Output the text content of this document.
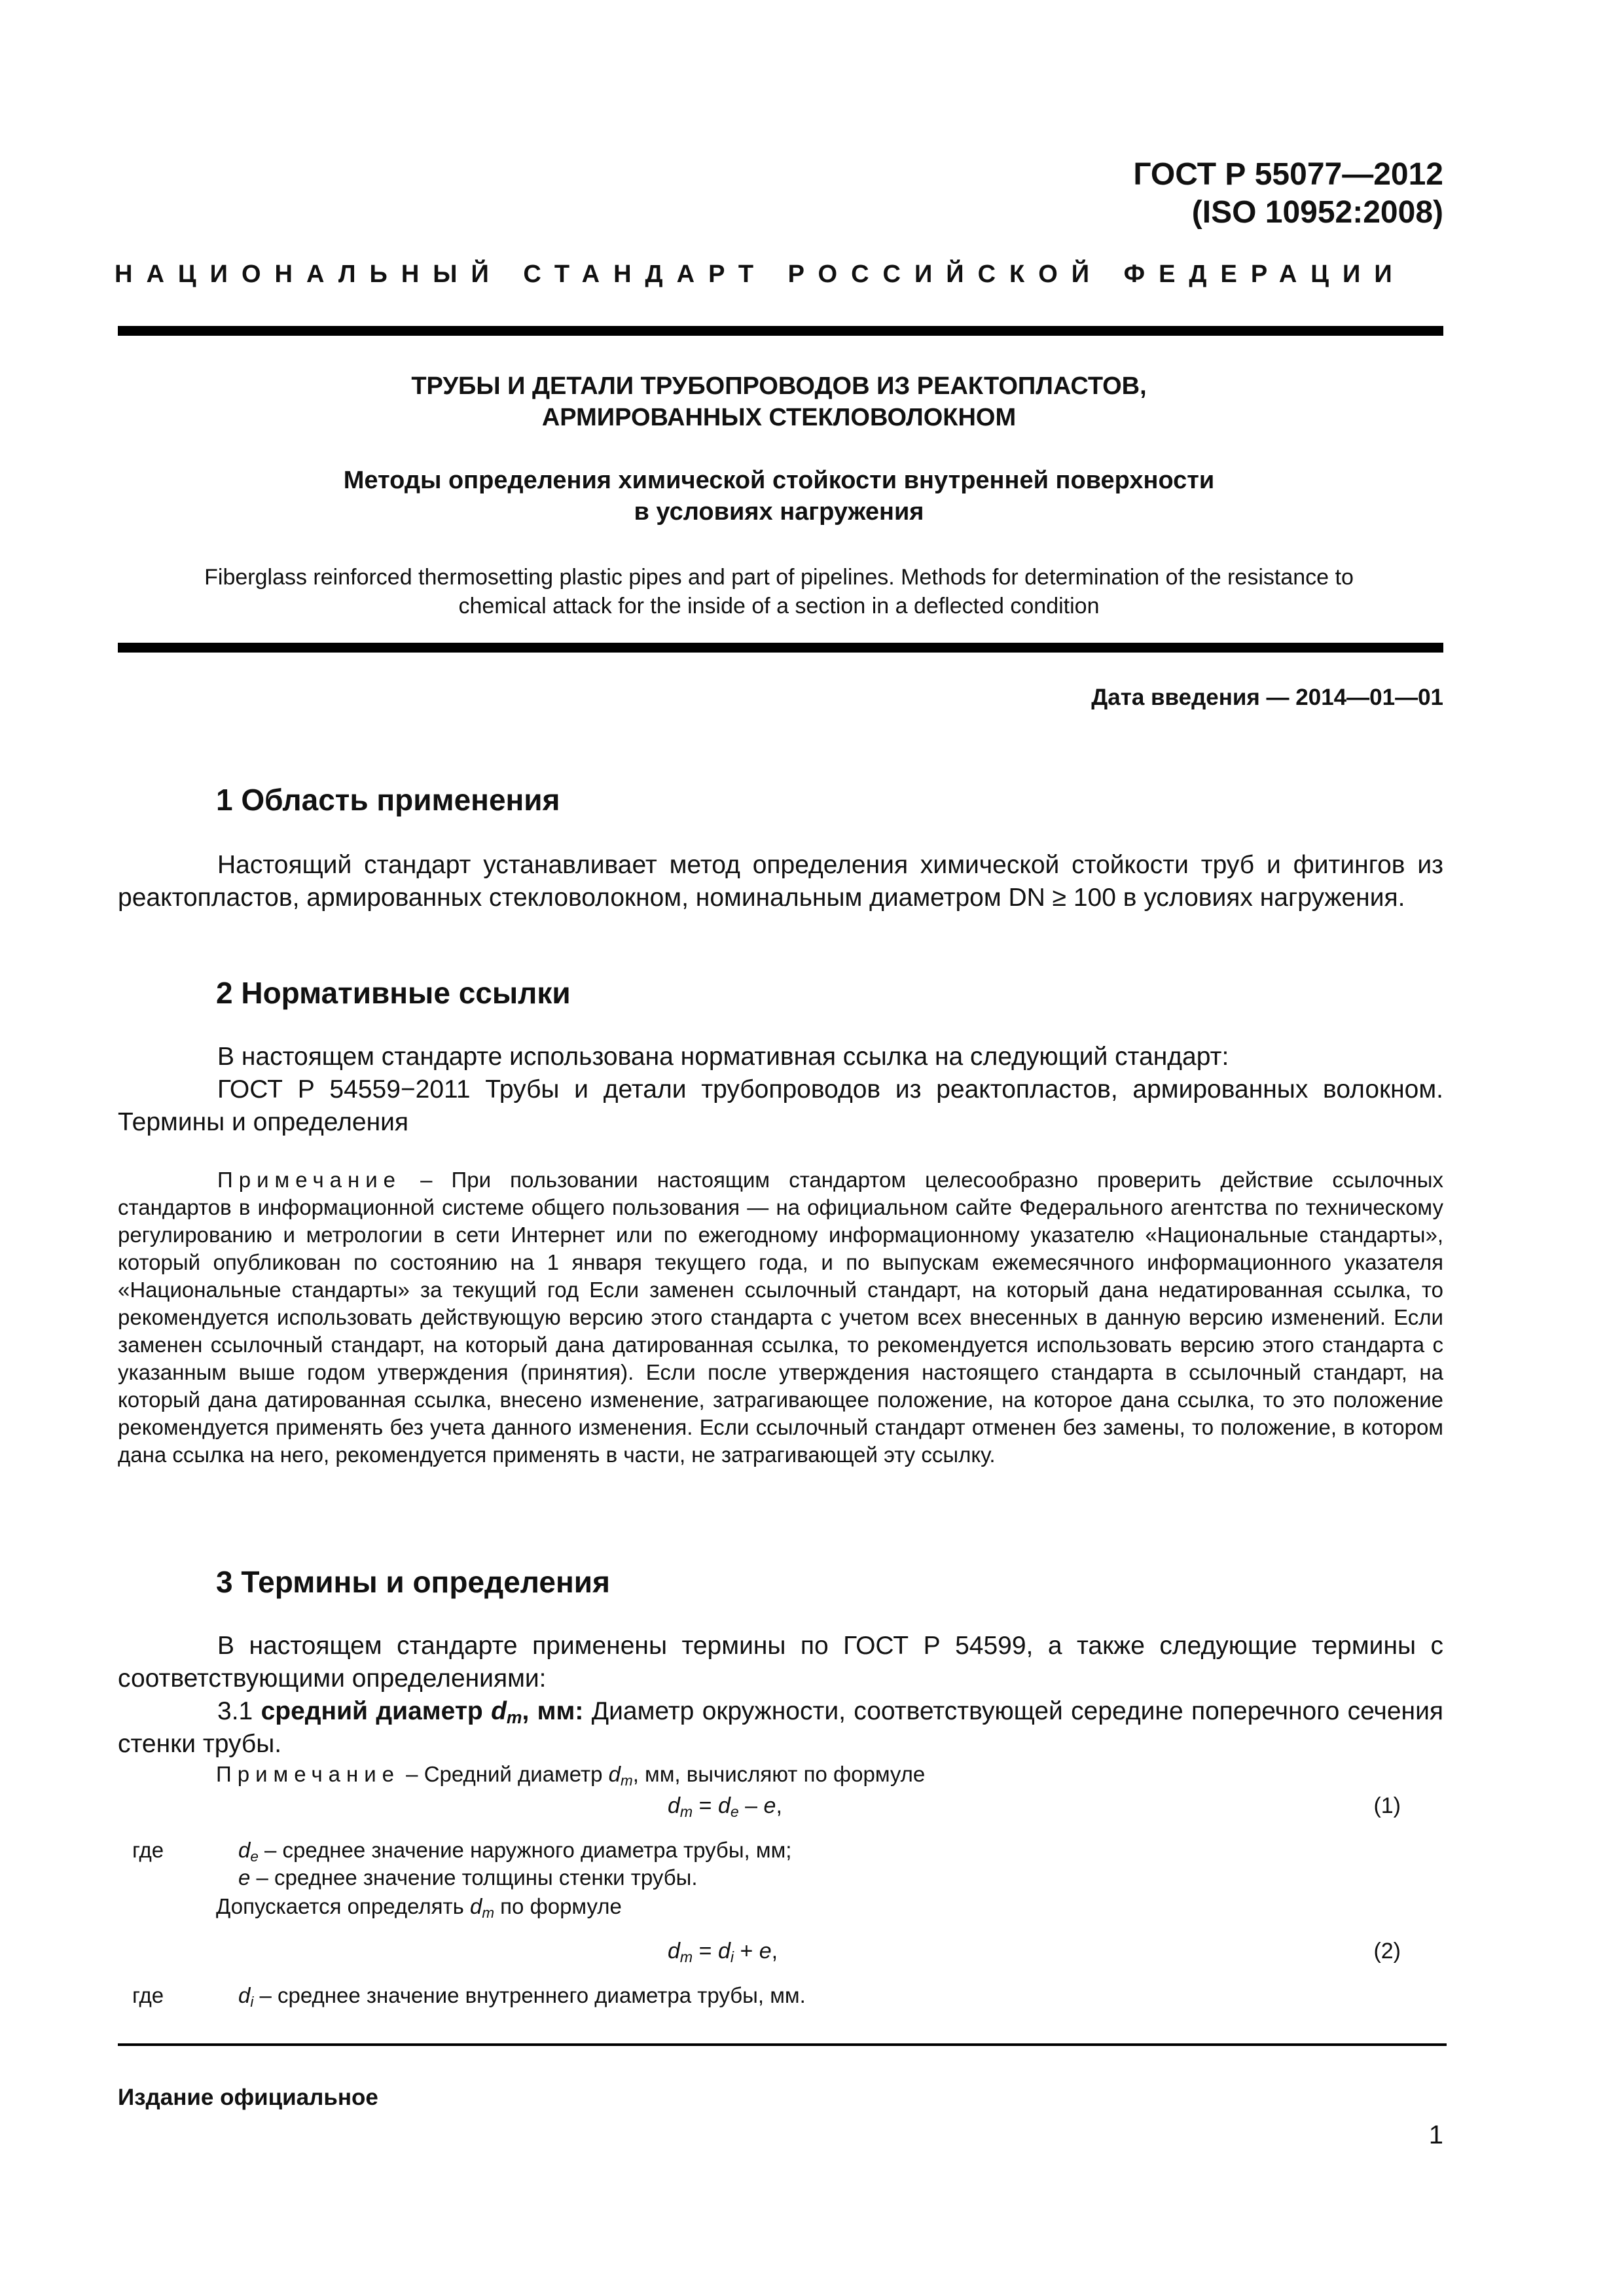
ГОСТ Р 55077—2012
(ISO 10952:2008)
НАЦИОНАЛЬНЫЙ СТАНДАРТ РОССИЙСКОЙ ФЕДЕРАЦИИ
ТРУБЫ И ДЕТАЛИ ТРУБОПРОВОДОВ ИЗ РЕАКТОПЛАСТОВ,
АРМИРОВАННЫХ СТЕКЛОВОЛОКНОМ
Методы определения химической стойкости внутренней поверхности
в условиях нагружения
Fiberglass reinforced thermosetting plastic pipes and part of pipelines. Methods for determination of the resistance to
chemical attack for the inside of a section in a deflected condition
Дата введения — 2014—01—01
1 Область применения
Настоящий стандарт устанавливает метод определения химической стойкости труб и фитингов из реактопластов, армированных стекловолокном, номинальным диаметром DN ≥ 100 в условиях нагружения.
2 Нормативные ссылки
В настоящем стандарте использована нормативная ссылка на следующий стандарт:
ГОСТ Р 54559−2011 Трубы и детали трубопроводов из реактопластов, армированных волокном. Термины и определения
Примечание – При пользовании настоящим стандартом целесообразно проверить действие ссылочных стандартов в информационной системе общего пользования — на официальном сайте Федерального агентства по техническому регулированию и метрологии в сети Интернет или по ежегодному информационному указателю «Национальные стандарты», который опубликован по состоянию на 1 января текущего года, и по выпускам ежемесячного информационного указателя «Национальные стандарты» за текущий год Если заменен ссылочный стандарт, на который дана недатированная ссылка, то рекомендуется использовать действующую версию этого стандарта с учетом всех внесенных в данную версию изменений. Если заменен ссылочный стандарт, на который дана датированная ссылка, то рекомендуется использовать версию этого стандарта с указанным выше годом утверждения (принятия). Если после утверждения настоящего стандарта в ссылочный стандарт, на который дана датированная ссылка, внесено изменение, затрагивающее положение, на которое дана ссылка, то это положение рекомендуется применять без учета данного изменения. Если ссылочный стандарт отменен без замены, то положение, в котором дана ссылка на него, рекомендуется применять в части, не затрагивающей эту ссылку.
3 Термины и определения
В настоящем стандарте применены термины по ГОСТ Р 54599, а также следующие термины с соответствующими определениями:
3.1 средний диаметр $d_m$, мм: Диаметр окружности, соответствующей середине поперечного сечения стенки трубы.
Примечание – Средний диаметр $d_m$, мм, вычисляют по формуле
$d_m = d_e - e$,	(1)
где	$d_e$ – среднее значение наружного диаметра трубы, мм;
e – среднее значение толщины стенки трубы.
Допускается определять $d_m$ по формуле
$d_m = d_i + e$,	(2)
где	$d_i$ – среднее значение внутреннего диаметра трубы, мм.
Издание официальное
1
